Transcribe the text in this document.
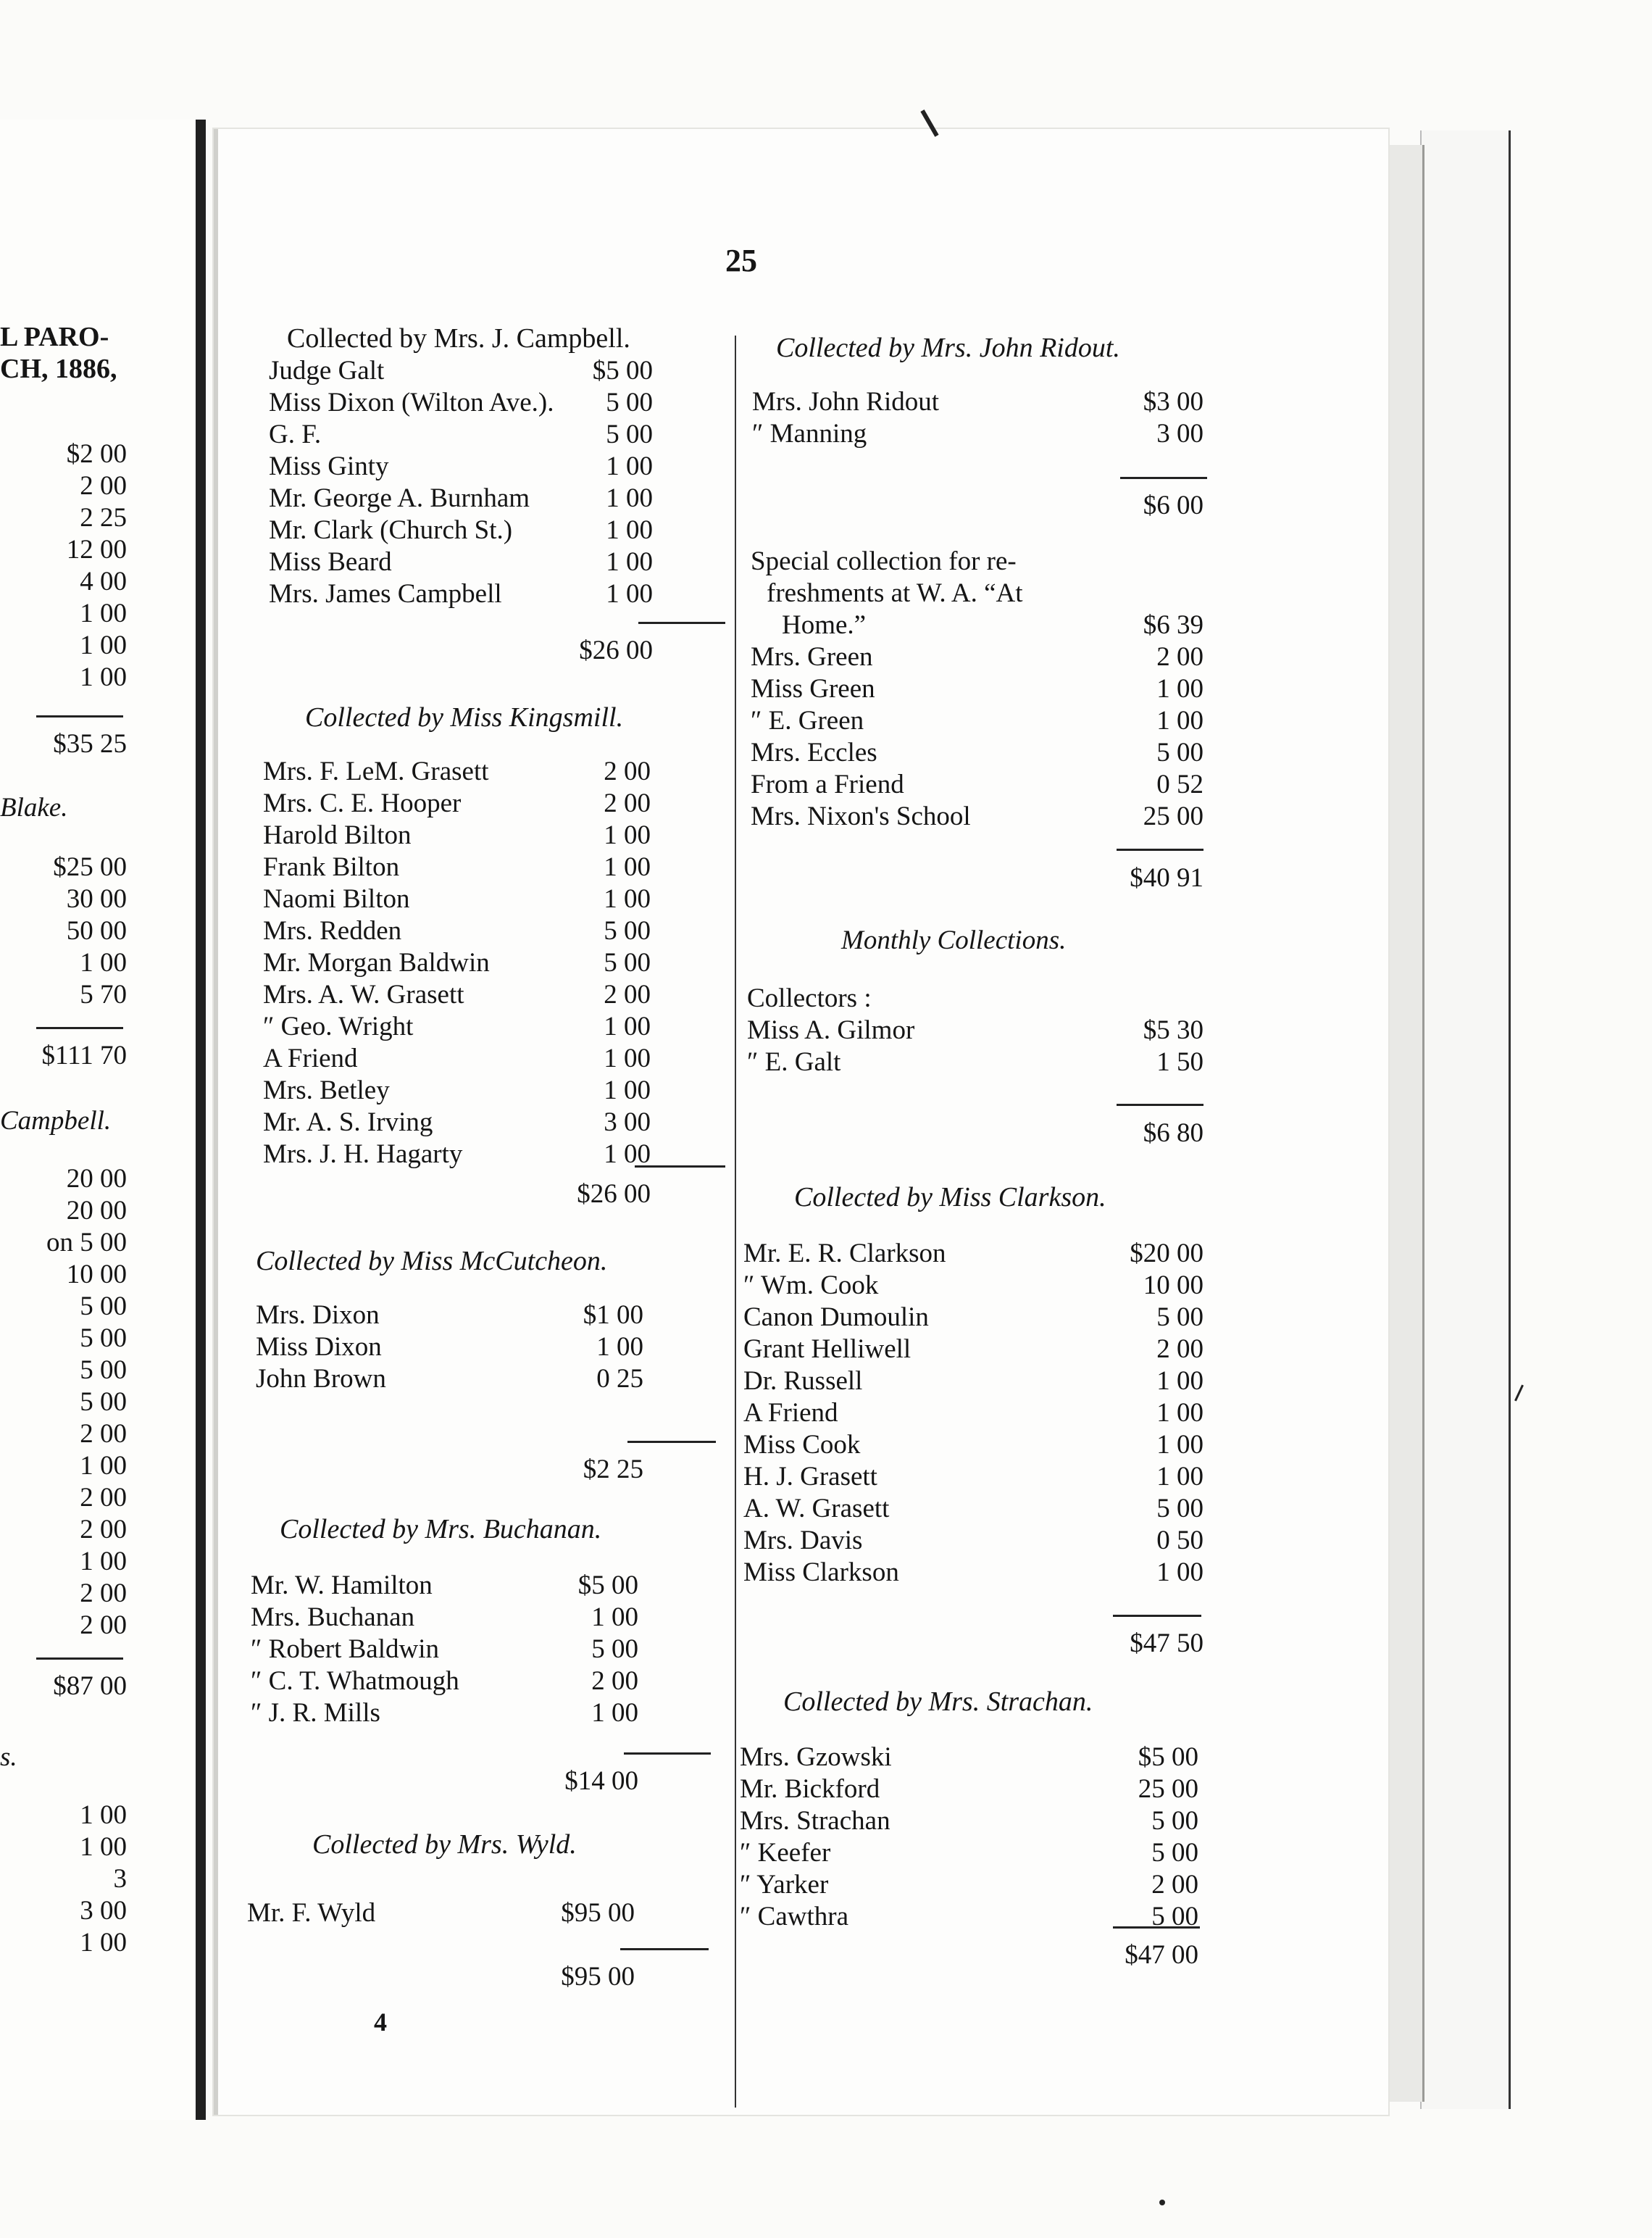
L PARO-
CH, 1886,
$2 00
2 00
2 25
12 00
4 00
1 00
1 00
1 00
$35 25
Blake.
$25 00
30 00
50 00
1 00
5 70
$111 70
Campbell.
20 00
20 00
on 5 00
10 00
5 00
5 00
5 00
5 00
2 00
1 00
2 00
2 00
1 00
2 00
2 00
$87 00
s.
1 00
1 00
3
3 00
1 00
25
4
Collected by Mrs. J. Campbell.
Judge Galt	$5 00
Miss Dixon (Wilton Ave.). 5 00
G. F.	5 00
Miss Ginty	1 00
Mr. George A. Burnham	1 00
Mr. Clark (Church St.)	1 00
Miss Beard	1 00
Mrs. James Campbell	1 00
$26 00
Collected by Miss Kingsmill.
Mrs. F. LeM. Grasett	2 00
Mrs. C. E. Hooper	2 00
Harold Bilton	1 00
Frank Bilton	1 00
Naomi Bilton	1 00
Mrs. Redden	5 00
Mr. Morgan Baldwin	5 00
Mrs. A. W. Grasett	2 00
″ Geo. Wright	1 00
A Friend	1 00
Mrs. Betley	1 00
Mr. A. S. Irving	3 00
Mrs. J. H. Hagarty	1 00
$26 00
Collected by Miss McCutcheon.
Mrs. Dixon	$1 00
Miss Dixon	1 00
John Brown	0 25
$2 25
Collected by Mrs. Buchanan.
Mr. W. Hamilton	$5 00
Mrs. Buchanan	1 00
″ Robert Baldwin	5 00
″ C. T. Whatmough	2 00
″ J. R. Mills	1 00
$14 00
Collected by Mrs. Wyld.
Mr. F. Wyld	$95 00
$95 00
Collected by Mrs. John Ridout.
Mrs. John Ridout	$3 00
″ Manning	3 00
$6 00
Special collection for re-
freshments at W. A. “At
Home.”	$6 39
Mrs. Green	2 00
Miss Green	1 00
″ E. Green	1 00
Mrs. Eccles	5 00
From a Friend	0 52
Mrs. Nixon's School	25 00
$40 91
Monthly Collections.
Collectors :
Miss A. Gilmor	$5 30
″ E. Galt	1 50
$6 80
Collected by Miss Clarkson.
Mr. E. R. Clarkson	$20 00
″ Wm. Cook	10 00
Canon Dumoulin	5 00
Grant Helliwell	2 00
Dr. Russell	1 00
A Friend	1 00
Miss Cook	1 00
H. J. Grasett	1 00
A. W. Grasett	5 00
Mrs. Davis	0 50
Miss Clarkson	1 00
$47 50
Collected by Mrs. Strachan.
Mrs. Gzowski	$5 00
Mr. Bickford	25 00
Mrs. Strachan	5 00
″ Keefer	5 00
″ Yarker	2 00
″ Cawthra	5 00
$47 00
